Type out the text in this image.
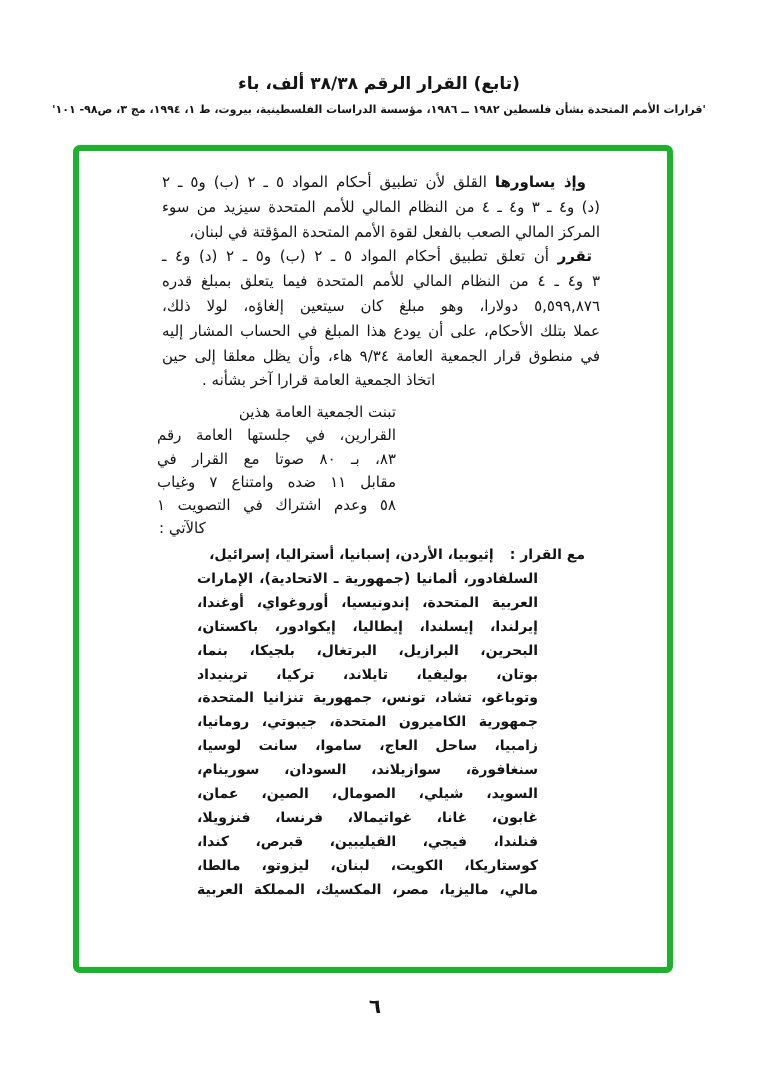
(تابع) القرار الرقم ٣٨/٣٨ ألف، باء
'قرارات الأمم المتحدة بشأن فلسطين ١٩٨٢ ــ ١٩٨٦، مؤسسة الدراسات الفلسطينية، بيروت، ط ١، ١٩٩٤، مج ٣، ص٩٨- ١٠١'
وإذ يساورها القلق لأن تطبيق أحكام المواد ٥ ـ ٢ (ب) و٥ ـ ٢
(د) و٤ ـ ٣ و٤ ـ ٤ من النظام المالي للأمم المتحدة سيزيد من سوء
المركز المالي الصعب بالفعل لقوة الأمم المتحدة المؤقتة في لبنان،
تقرر أن تعلق تطبيق أحكام المواد ٥ ـ ٢ (ب) و٥ ـ ٢ (د) و٤ ـ
٣ و٤ ـ ٤ من النظام المالي للأمم المتحدة فيما يتعلق بمبلغ قدره
٥,٥٩٩,٨٧٦ دولارا، وهو مبلغ كان سيتعين إلغاؤه، لولا ذلك،
عملا بتلك الأحكام، على أن يودع هذا المبلغ في الحساب المشار إليه
في منطوق قرار الجمعية العامة ٩/٣٤ هاء، وأن يظل معلقا إلى حين
اتخاذ الجمعية العامة قرارا آخر بشأنه .
تبنت الجمعية العامة هذين
القرارين، في جلستها العامة رقم
٨٣، بـ ٨٠ صوتا مع القرار في
مقابل ١١ ضده وامتناع ٧ وغياب
٥٨ وعدم اشتراك في التصويت ١
كالآتي :
مع القرار :إثيوبيا، الأردن، إسبانيا، أستراليا، إسرائيل،
السلفادور، ألمانيا (جمهورية ـ الاتحادية)، الإمارات
العربية المتحدة، إندونيسيا، أوروغواي، أوغندا،
إيرلندا، إيسلندا، إيطاليا، إيكوادور، باكستان،
البحرين، البرازيل، البرتغال، بلجيكا، بنما،
بوتان، بوليفيا، تايلاند، تركيا، ترينيداد
وتوباغو، تشاد، تونس، جمهورية تنزانيا المتحدة،
جمهورية الكاميرون المتحدة، جيبوتي، رومانيا،
زامبيا، ساحل العاج، ساموا، سانت لوسيا،
سنغافورة، سوازيلاند، السودان، سورينام،
السويد، شيلي، الصومال، الصين، عمان،
غابون، غانا، غواتيمالا، فرنسا، فنزويلا،
فنلندا، فيجي، الفيليبين، قبرص، كندا،
كوستاريكا، الكويت، لبنان، ليزوتو، مالطا،
مالي، ماليزيا، مصر، المكسيك، المملكة العربية
٦
